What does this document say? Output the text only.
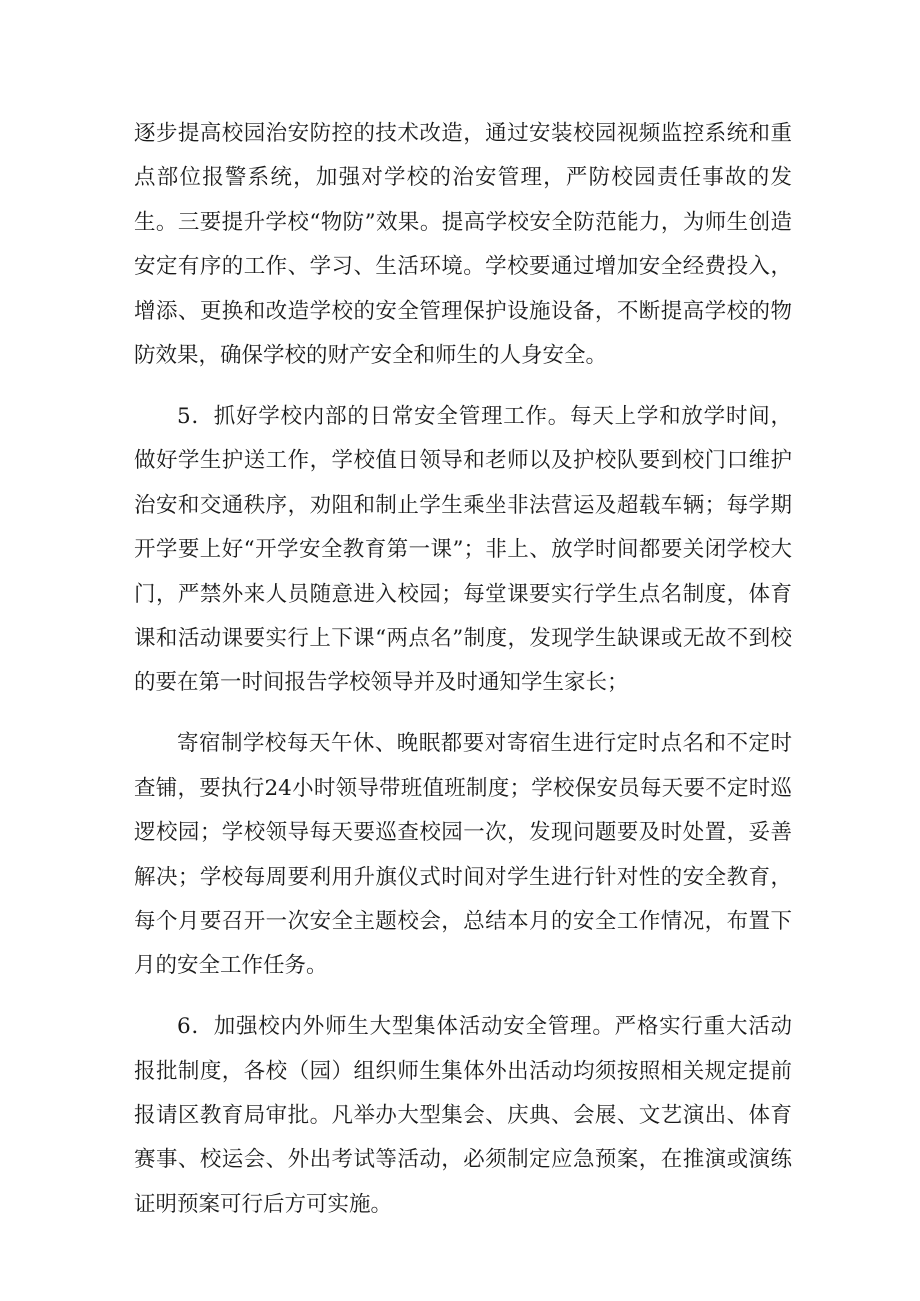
逐步提高校园治安防控的技术改造，通过安装校园视频监控系统和重点部位报警系统，加强对学校的治安管理，严防校园责任事故的发生。三要提升学校“物防”效果。提高学校安全防范能力，为师生创造安定有序的工作、学习、生活环境。学校要通过增加安全经费投入，增添、更换和改造学校的安全管理保护设施设备，不断提高学校的物防效果，确保学校的财产安全和师生的人身安全。

5．抓好学校内部的日常安全管理工作。每天上学和放学时间，做好学生护送工作，学校值日领导和老师以及护校队要到校门口维护治安和交通秩序，劝阻和制止学生乘坐非法营运及超载车辆；每学期开学要上好“开学安全教育第一课”；非上、放学时间都要关闭学校大门，严禁外来人员随意进入校园；每堂课要实行学生点名制度，体育课和活动课要实行上下课“两点名”制度，发现学生缺课或无故不到校的要在第一时间报告学校领导并及时通知学生家长；

寄宿制学校每天午休、晚眠都要对寄宿生进行定时点名和不定时查铺，要执行24小时领导带班值班制度；学校保安员每天要不定时巡逻校园；学校领导每天要巡查校园一次，发现问题要及时处置，妥善解决；学校每周要利用升旗仪式时间对学生进行针对性的安全教育，每个月要召开一次安全主题校会，总结本月的安全工作情况，布置下月的安全工作任务。

6．加强校内外师生大型集体活动安全管理。严格实行重大活动报批制度，各校（园）组织师生集体外出活动均须按照相关规定提前报请区教育局审批。凡举办大型集会、庆典、会展、文艺演出、体育赛事、校运会、外出考试等活动，必须制定应急预案，在推演或演练证明预案可行后方可实施。
